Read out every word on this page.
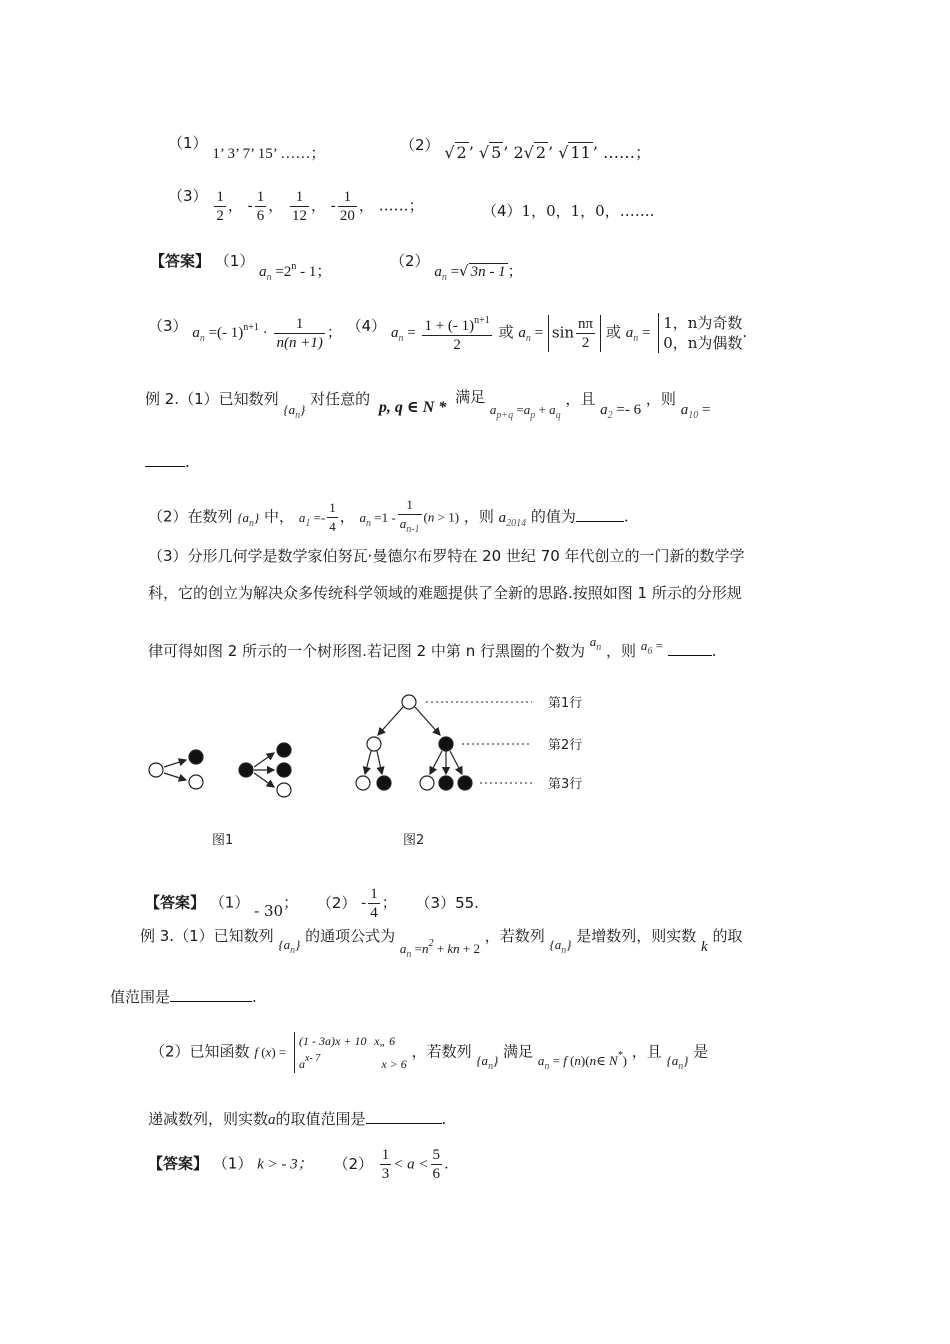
（1） 1’ 3’ 7’ 15’ ……；	（2） √ 2 ’ √ 5 ’ 2√ 2 ’ √ 11 ’ ……；
$(3) \frac{1}{2}$ ， - $\frac{1}{6}$ ， $\frac{1}{12}$ ， - $\frac{1}{20}$ ， ……；	（4）1，0，1，0，…….
【答案】 （1） $a_n =2^n - 1$；
（2） $a_n$ =√ 3n - 1 ；
（3） $a_n$ =(- $1)^{n+1} \cdot \frac{1}{n(n +1)}$ ； （4） $a_n = \frac{1 + (- 1)^{n+1}}{2}$ 或 $a_n = \sin \frac{n\pi}{2}$ 或 $a_n$ =
1，n为奇数
0，n为偶数
.
例 2.（1）已知数列 $\{a_n\}$ 对任意的 p, q ∈ N * 满足 $a_{p+q} =a_p + a_q$ ，且 $a_2 =- 6$ ，则 $a_{10}$ =
.
（2）在数列 $\{a_n\}$ 中， $a_1 =- \frac{1}{4}$ ， $a_n =1 - \frac{1}{a_{n-1}} (n > 1)$ ，则 $a_{2014}$ 的值为	.
（3）分形几何学是数学家伯努瓦·曼德尔布罗特在 20 世纪 70 年代创立的一门新的数学学
科，它的创立为解决众多传统科学领域的难题提供了全新的思路.按照如图 1 所示的分形规
律可得如图 2 所示的一个树形图.若记图 2 中第 n 行黑圈的个数为 $a_n$ ，则 $a_6$ =	.
第1行
第2行
第3行
图1	图2
【答案】 （1） - 30； $(2) - \frac{1}{4}$ ； （3）55.
例 3.（1）已知数列 $\{a_n\}$ 的通项公式为 $a_n =n^2$ + kn + 2 ，若数列 $\{a_n\}$ 是增数列，则实数 k 的取
值范围是	.
（2）已知函数 f (x) =
(1 - 3a)x + 10 x„ 6
$a^{x- 7}$	x > 6
，若数列 $\{a_n\}$ 满足 $a_n = f$ (n)(n∈ N*) ，且 $\{a_n\}$ 是
递减数列，则实数a的取值范围是	.
【答案】 （1） k > - 3； $(2) \frac{1}{3} < a < \frac{5}{6}$ .
